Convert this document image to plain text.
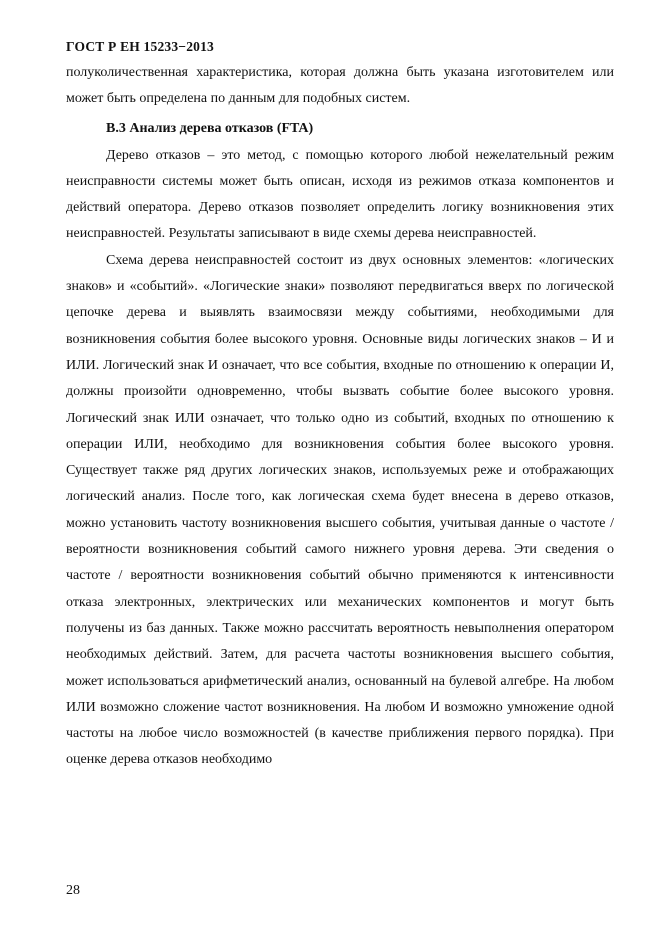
ГОСТ Р ЕН 15233−2013

полуколичественная характеристика, которая должна быть указана изготовителем или может быть определена по данным для подобных систем.

B.3 Анализ дерева отказов (FTA)

Дерево отказов – это метод, с помощью которого любой нежелательный режим неисправности системы может быть описан, исходя из режимов отказа компонентов и действий оператора. Дерево отказов позволяет определить логику возникновения этих неисправностей. Результаты записывают в виде схемы дерева неисправностей.

Схема дерева неисправностей состоит из двух основных элементов: «логических знаков» и «событий». «Логические знаки» позволяют передвигаться вверх по логической цепочке дерева и выявлять взаимосвязи между событиями, необходимыми для возникновения события более высокого уровня. Основные виды логических знаков – И и ИЛИ. Логический знак И означает, что все события, входные по отношению к операции И, должны произойти одновременно, чтобы вызвать событие более высокого уровня. Логический знак ИЛИ означает, что только одно из событий, входных по отношению к операции ИЛИ, необходимо для возникновения события более высокого уровня. Существует также ряд других логических знаков, используемых реже и отображающих логический анализ. После того, как логическая схема будет внесена в дерево отказов, можно установить частоту возникновения высшего события, учитывая данные о частоте / вероятности возникновения событий самого нижнего уровня дерева. Эти сведения о частоте / вероятности возникновения событий обычно применяются к интенсивности отказа электронных, электрических или механических компонентов и могут быть получены из баз данных. Также можно рассчитать вероятность невыполнения оператором необходимых действий. Затем, для расчета частоты возникновения высшего события, может использоваться арифметический анализ, основанный на булевой алгебре. На любом ИЛИ возможно сложение частот возникновения. На любом И возможно умножение одной частоты на любое число возможностей (в качестве приближения первого порядка). При оценке дерева отказов необходимо

28
